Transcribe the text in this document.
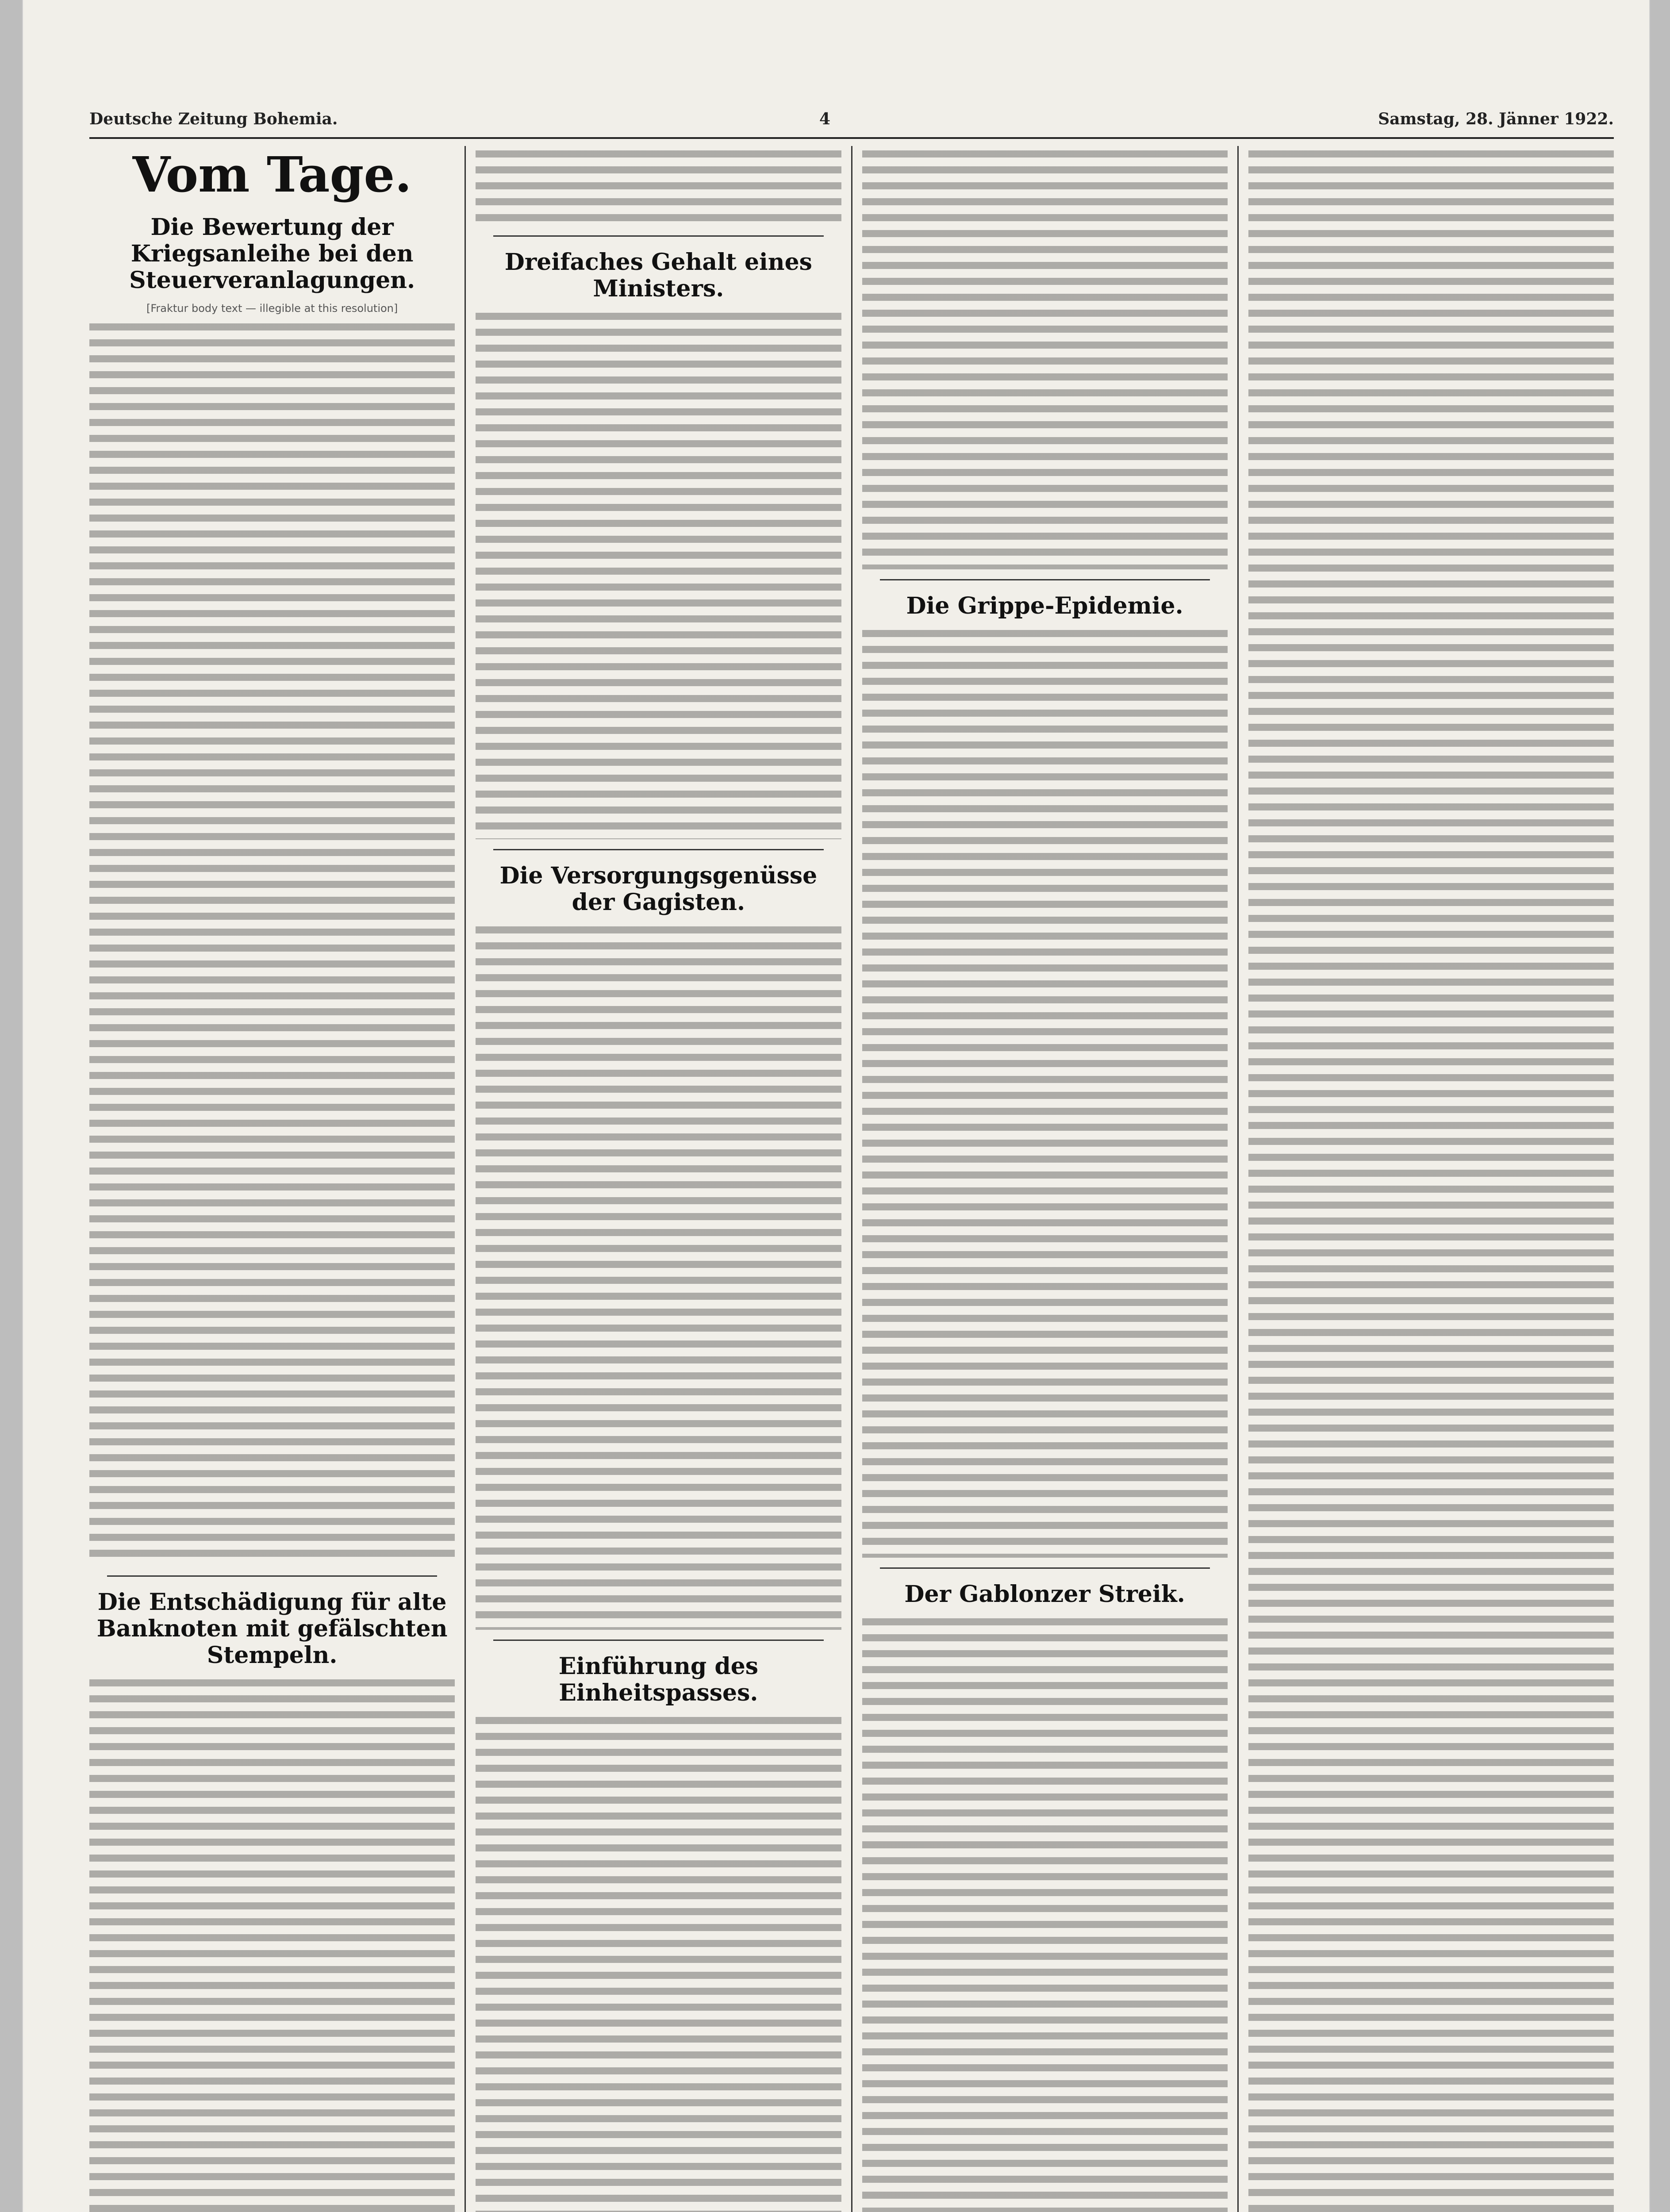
Deutsche Zeitung Bohemia.	4	Samstag, 28. Jänner 1922.
Vom Tage.
Die Bewertung der Kriegsanleihe bei den Steuerveranlagungen.
[Fraktur body text — illegible at this resolution]
Die Entschädigung für alte Banknoten mit gefälschten Stempeln.
Dreifaches Gehalt eines Ministers.
Die Versorgungsgenüsse der Gagisten.
Einführung des Einheitspasses.
Die Grippe-Epidemie.
Der Gablonzer Streik.
